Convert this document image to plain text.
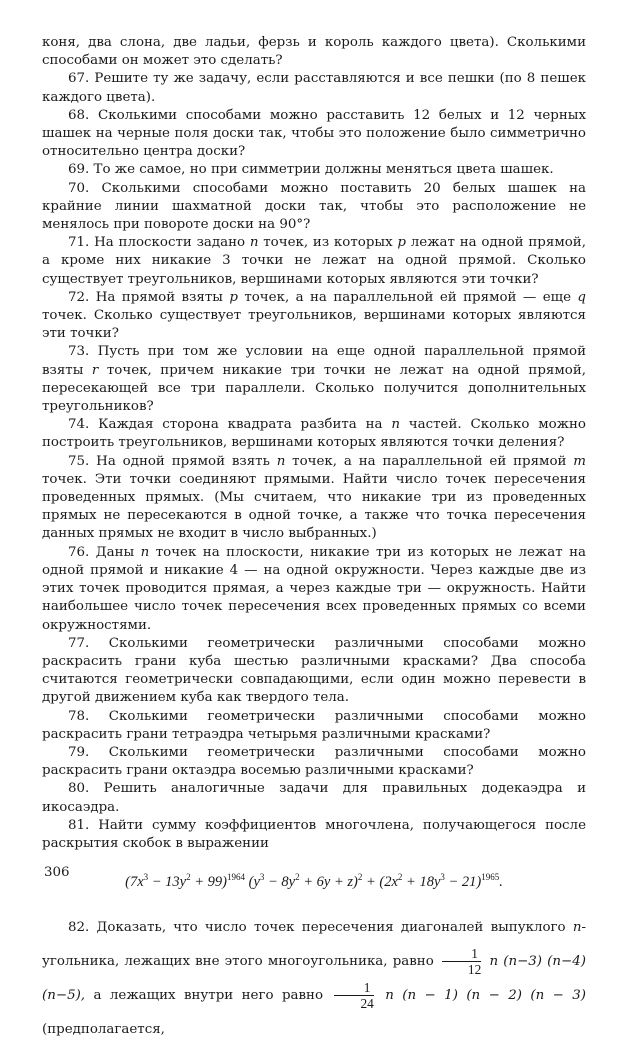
коня, два слона, две ладьи, ферзь и король каждого цвета). Сколькими способами он может это сделать?

67. Решите ту же задачу, если расставляются и все пешки (по 8 пешек каждого цвета).

68. Сколькими способами можно расставить 12 белых и 12 черных шашек на черные поля доски так, чтобы это положение было симметрично относительно центра доски?

69. То же самое, но при симметрии должны меняться цвета шашек.

70. Сколькими способами можно поставить 20 белых шашек на крайние линии шахматной доски так, чтобы это расположение не менялось при повороте доски на 90°?

71. На плоскости задано n точек, из которых p лежат на одной прямой, а кроме них никакие 3 точки не лежат на одной прямой. Сколько существует треугольников, вершинами которых являются эти точки?

72. На прямой взяты p точек, а на параллельной ей прямой — еще q точек. Сколько существует треугольников, вершинами которых являются эти точки?

73. Пусть при том же условии на еще одной параллельной прямой взяты r точек, причем никакие три точки не лежат на одной прямой, пересекающей все три параллели. Сколько получится дополнительных треугольников?

74. Каждая сторона квадрата разбита на n частей. Сколько можно построить треугольников, вершинами которых являются точки деления?

75. На одной прямой взять n точек, а на параллельной ей прямой m точек. Эти точки соединяют прямыми. Найти число точек пересечения проведенных прямых. (Мы считаем, что никакие три из проведенных прямых не пересекаются в одной точке, а также что точка пересечения данных прямых не входит в число выбранных.)

76. Даны n точек на плоскости, никакие три из которых не лежат на одной прямой и никакие 4 — на одной окружности. Через каждые две из этих точек проводится прямая, а через каждые три — окружность. Найти наибольшее число точек пересечения всех проведенных прямых со всеми окружностями.

77. Сколькими геометрически различными способами можно раскрасить грани куба шестью различными красками? Два способа считаются геометрически совпадающими, если один можно перевести в другой движением куба как твердого тела.

78. Сколькими геометрически различными способами можно раскрасить грани тетраэдра четырьмя различными красками?

79. Сколькими геометрически различными способами можно раскрасить грани октаэдра восемью различными красками?

80. Решить аналогичные задачи для правильных додекаэдра и икосаэдра.

81. Найти сумму коэффициентов многочлена, получающегося после раскрытия скобок в выражении

$(7x^3 - 13y^2 + 99)^{1964}$ $(y^3 - 8y^2 + 6y + z)^2 + (2x^2 + 18y^3 - 21)^{1965}$.

82. Доказать, что число точек пересечения диагоналей выпуклого n-угольника, лежащих вне этого многоугольника, равно $\frac{1}{12}$ n (n−3) (n−4) (n−5), а лежащих внутри него равно $\frac{1}{24}$ n (n − 1) (n − 2) (n − 3) (предполагается,

306
